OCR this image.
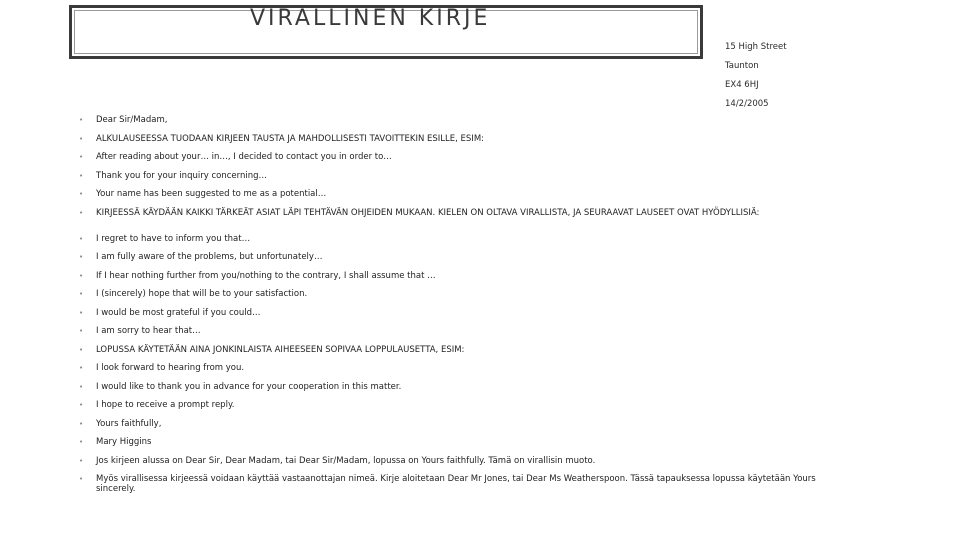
VIRALLINEN KIRJE
15 High Street
Taunton
EX4 6HJ
14/2/2005
• Dear Sir/Madam,
• ALKULAUSEESSA TUODAAN KIRJEEN TAUSTA JA MAHDOLLISESTI TAVOITTEKIN ESILLE, ESIM:
• After reading about your… in…, I decided to contact you in order to…
• Thank you for your inquiry concerning…
• Your name has been suggested to me as a potential…
• KIRJEESSÄ KÄYDÄÄN KAIKKI TÄRKEÄT ASIAT LÄPI TEHTÄVÄN OHJEIDEN MUKAAN. KIELEN ON OLTAVA VIRALLISTA, JA SEURAAVAT LAUSEET OVAT HYÖDYLLISIÄ:
• I regret to have to inform you that…
• I am fully aware of the problems, but unfortunately…
• If I hear nothing further from you/nothing to the contrary, I shall assume that …
• I (sincerely) hope that will be to your satisfaction.
• I would be most grateful if you could…
• I am sorry to hear that…
• LOPUSSA KÄYTETÄÄN AINA JONKINLAISTA AIHEESEEN SOPIVAA LOPPULAUSETTA, ESIM:
• I look forward to hearing from you.
• I would like to thank you in advance for your cooperation in this matter.
• I hope to receive a prompt reply.
• Yours faithfully,
• Mary Higgins
• Jos kirjeen alussa on Dear Sir, Dear Madam, tai Dear Sir/Madam, lopussa on Yours faithfully. Tämä on virallisin muoto.
• Myös virallisessa kirjeessä voidaan käyttää vastaanottajan nimeä. Kirje aloitetaan Dear Mr Jones, tai Dear Ms Weatherspoon. Tässä tapauksessa lopussa käytetään Yours sincerely.
